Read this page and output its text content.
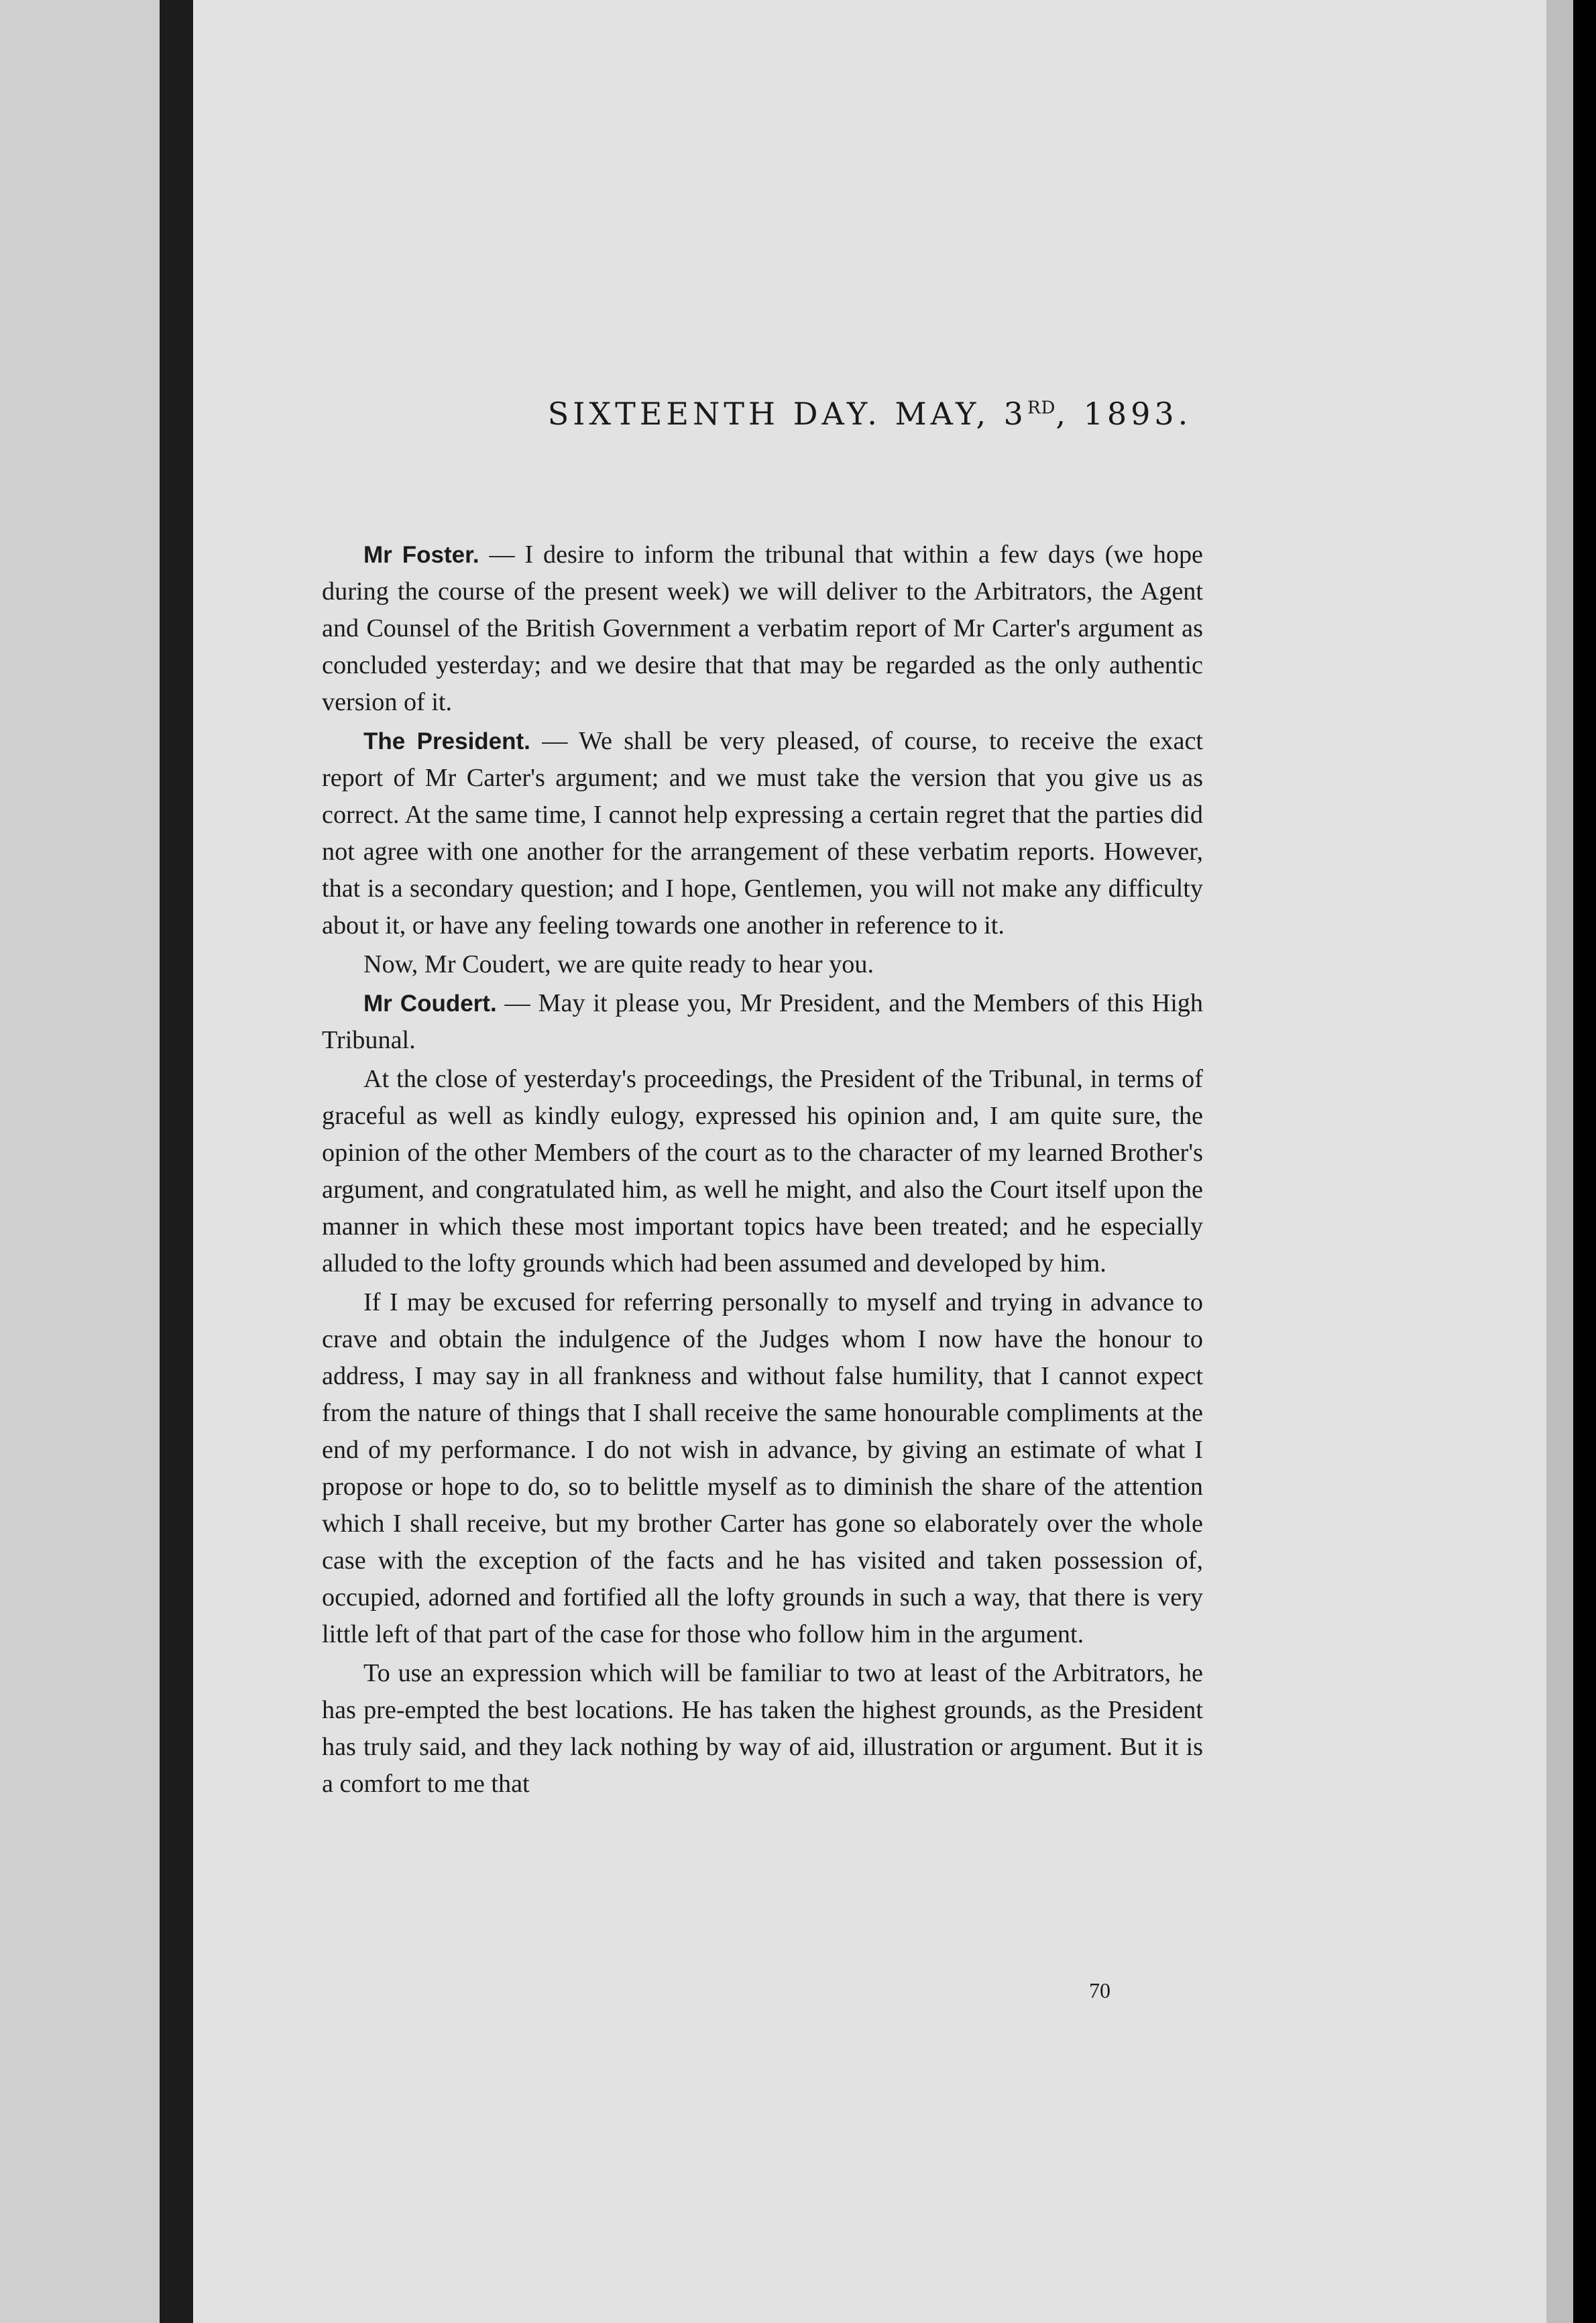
SIXTEENTH DAY. MAY, 3RD, 1893.

Mr Foster. — I desire to inform the tribunal that within a few days (we hope during the course of the present week) we will deliver to the Arbitrators, the Agent and Counsel of the British Government a verbatim report of Mr Carter's argument as concluded yesterday; and we desire that that may be regarded as the only authentic version of it.

The President. — We shall be very pleased, of course, to receive the exact report of Mr Carter's argument; and we must take the version that you give us as correct. At the same time, I cannot help expressing a certain regret that the parties did not agree with one another for the arrangement of these verbatim reports. However, that is a secondary question; and I hope, Gentlemen, you will not make any difficulty about it, or have any feeling towards one another in reference to it.

Now, Mr Coudert, we are quite ready to hear you.

Mr Coudert. — May it please you, Mr President, and the Members of this High Tribunal.

At the close of yesterday's proceedings, the President of the Tribunal, in terms of graceful as well as kindly eulogy, expressed his opinion and, I am quite sure, the opinion of the other Members of the court as to the character of my learned Brother's argument, and congratulated him, as well he might, and also the Court itself upon the manner in which these most important topics have been treated; and he especially alluded to the lofty grounds which had been assumed and developed by him.

If I may be excused for referring personally to myself and trying in advance to crave and obtain the indulgence of the Judges whom I now have the honour to address, I may say in all frankness and without false humility, that I cannot expect from the nature of things that I shall receive the same honourable compliments at the end of my performance. I do not wish in advance, by giving an estimate of what I propose or hope to do, so to belittle myself as to diminish the share of the attention which I shall receive, but my brother Carter has gone so elaborately over the whole case with the exception of the facts and he has visited and taken possession of, occupied, adorned and fortified all the lofty grounds in such a way, that there is very little left of that part of the case for those who follow him in the argument.

To use an expression which will be familiar to two at least of the Arbitrators, he has pre-empted the best locations. He has taken the highest grounds, as the President has truly said, and they lack nothing by way of aid, illustration or argument. But it is a comfort to me that

70
